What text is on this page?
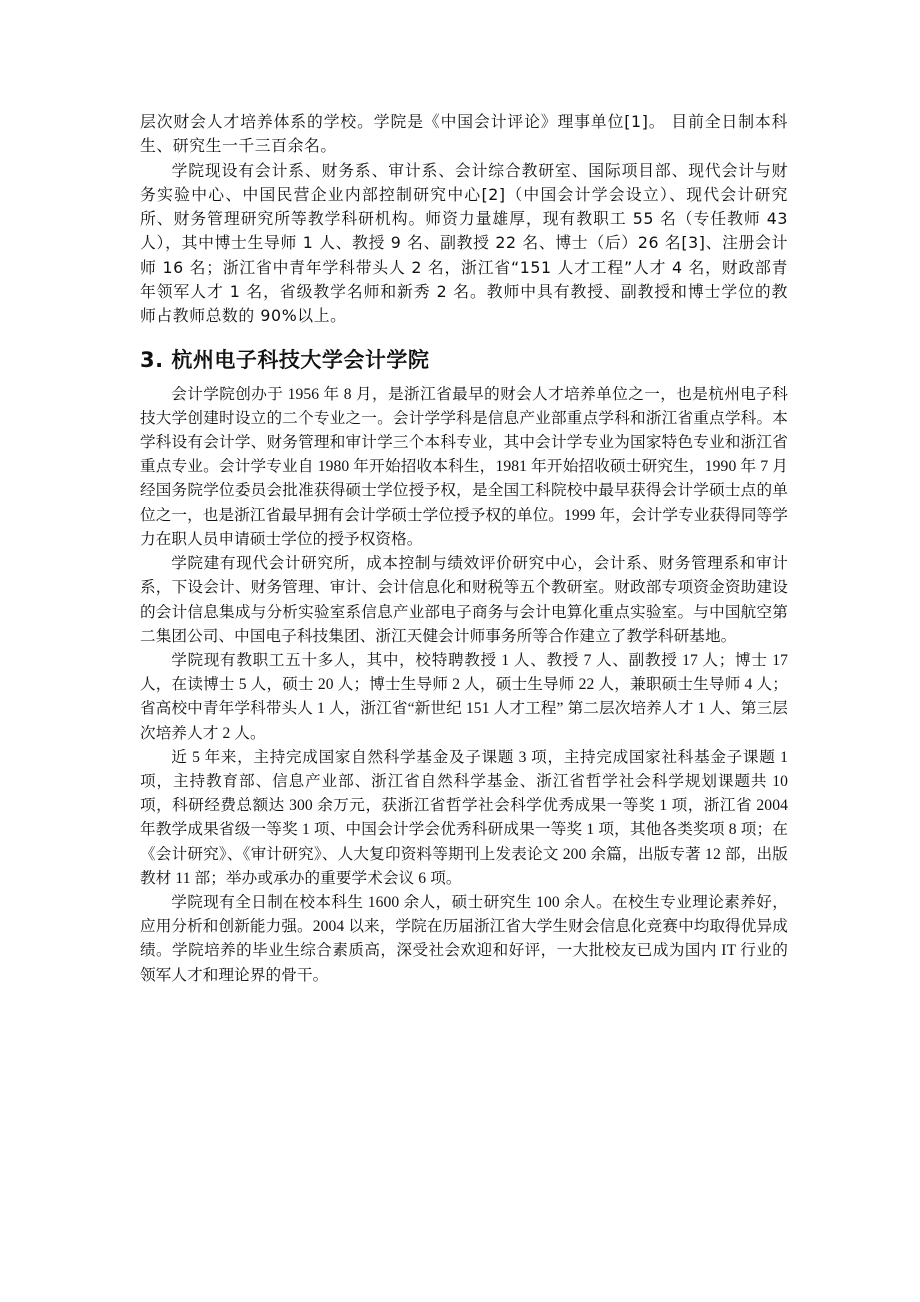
层次财会人才培养体系的学校。学院是《中国会计评论》理事单位[1]。 目前全日制本科生、研究生一千三百余名。

学院现设有会计系、财务系、审计系、会计综合教研室、国际项目部、现代会计与财务实验中心、中国民营企业内部控制研究中心[2]（中国会计学会设立）、现代会计研究所、财务管理研究所等教学科研机构。师资力量雄厚，现有教职工 55 名（专任教师 43 人），其中博士生导师 1 人、教授 9 名、副教授 22 名、博士（后）26 名[3]、注册会计师 16 名；浙江省中青年学科带头人 2 名，浙江省“151 人才工程”人才 4 名，财政部青年领军人才 1 名，省级教学名师和新秀 2 名。教师中具有教授、副教授和博士学位的教师占教师总数的 90%以上。

3. 杭州电子科技大学会计学院

会计学院创办于 1956 年 8 月，是浙江省最早的财会人才培养单位之一，也是杭州电子科技大学创建时设立的二个专业之一。会计学学科是信息产业部重点学科和浙江省重点学科。本学科设有会计学、财务管理和审计学三个本科专业，其中会计学专业为国家特色专业和浙江省重点专业。会计学专业自 1980 年开始招收本科生，1981 年开始招收硕士研究生，1990 年 7 月经国务院学位委员会批准获得硕士学位授予权，是全国工科院校中最早获得会计学硕士点的单位之一，也是浙江省最早拥有会计学硕士学位授予权的单位。1999 年，会计学专业获得同等学力在职人员申请硕士学位的授予权资格。

学院建有现代会计研究所，成本控制与绩效评价研究中心，会计系、财务管理系和审计系，下设会计、财务管理、审计、会计信息化和财税等五个教研室。财政部专项资金资助建设的会计信息集成与分析实验室系信息产业部电子商务与会计电算化重点实验室。与中国航空第二集团公司、中国电子科技集团、浙江天健会计师事务所等合作建立了教学科研基地。

学院现有教职工五十多人，其中，校特聘教授 1 人、教授 7 人、副教授 17 人；博士 17 人，在读博士 5 人，硕士 20 人；博士生导师 2 人，硕士生导师 22 人，兼职硕士生导师 4 人；省高校中青年学科带头人 1 人，浙江省“新世纪 151 人才工程” 第二层次培养人才 1 人、第三层次培养人才 2 人。

近 5 年来，主持完成国家自然科学基金及子课题 3 项，主持完成国家社科基金子课题 1 项，主持教育部、信息产业部、浙江省自然科学基金、浙江省哲学社会科学规划课题共 10 项，科研经费总额达 300 余万元，获浙江省哲学社会科学优秀成果一等奖 1 项，浙江省 2004 年教学成果省级一等奖 1 项、中国会计学会优秀科研成果一等奖 1 项，其他各类奖项 8 项；在《会计研究》、《审计研究》、人大复印资料等期刊上发表论文 200 余篇，出版专著 12 部，出版教材 11 部；举办或承办的重要学术会议 6 项。

学院现有全日制在校本科生 1600 余人，硕士研究生 100 余人。在校生专业理论素养好，应用分析和创新能力强。2004 以来，学院在历届浙江省大学生财会信息化竞赛中均取得优异成绩。学院培养的毕业生综合素质高，深受社会欢迎和好评，一大批校友已成为国内 IT 行业的领军人才和理论界的骨干。
